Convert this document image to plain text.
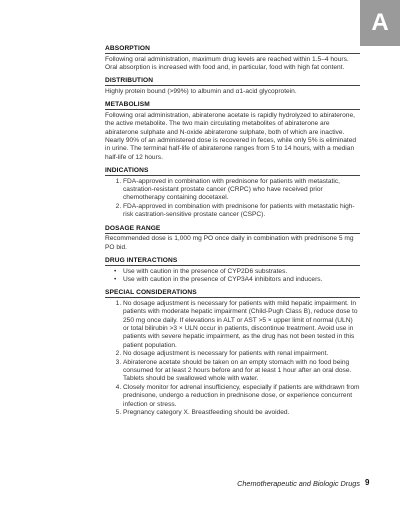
A
ABSORPTION
Following oral administration, maximum drug levels are reached within 1.5–4 hours. Oral absorption is increased with food and, in particular, food with high fat content.
DISTRIBUTION
Highly protein bound (>99%) to albumin and α1-acid glycoprotein.
METABOLISM
Following oral administration, abiraterone acetate is rapidly hydrolyzed to abiraterone, the active metabolite. The two main circulating metabolites of abiraterone are abiraterone sulphate and N-oxide abiraterone sulphate, both of which are inactive. Nearly 90% of an administered dose is recovered in feces, while only 5% is eliminated in urine. The terminal half-life of abiraterone ranges from 5 to 14 hours, with a median half-life of 12 hours.
INDICATIONS
1. FDA-approved in combination with prednisone for patients with metastatic, castration-resistant prostate cancer (CRPC) who have received prior chemotherapy containing docetaxel.
2. FDA-approved in combination with prednisone for patients with metastatic high-risk castration-sensitive prostate cancer (CSPC).
DOSAGE RANGE
Recommended dose is 1,000 mg PO once daily in combination with prednisone 5 mg PO bid.
DRUG INTERACTIONS
• Use with caution in the presence of CYP2D6 substrates.
• Use with caution in the presence of CYP3A4 inhibitors and inducers.
SPECIAL CONSIDERATIONS
1. No dosage adjustment is necessary for patients with mild hepatic impairment. In patients with moderate hepatic impairment (Child-Pugh Class B), reduce dose to 250 mg once daily. If elevations in ALT or AST >5 × upper limit of normal (ULN) or total bilirubin >3 × ULN occur in patients, discontinue treatment. Avoid use in patients with severe hepatic impairment, as the drug has not been tested in this patient population.
2. No dosage adjustment is necessary for patients with renal impairment.
3. Abiraterone acetate should be taken on an empty stomach with no food being consumed for at least 2 hours before and for at least 1 hour after an oral dose. Tablets should be swallowed whole with water.
4. Closely monitor for adrenal insufficiency, especially if patients are withdrawn from prednisone, undergo a reduction in prednisone dose, or experience concurrent infection or stress.
5. Pregnancy category X. Breastfeeding should be avoided.
Chemotherapeutic and Biologic Drugs 9
